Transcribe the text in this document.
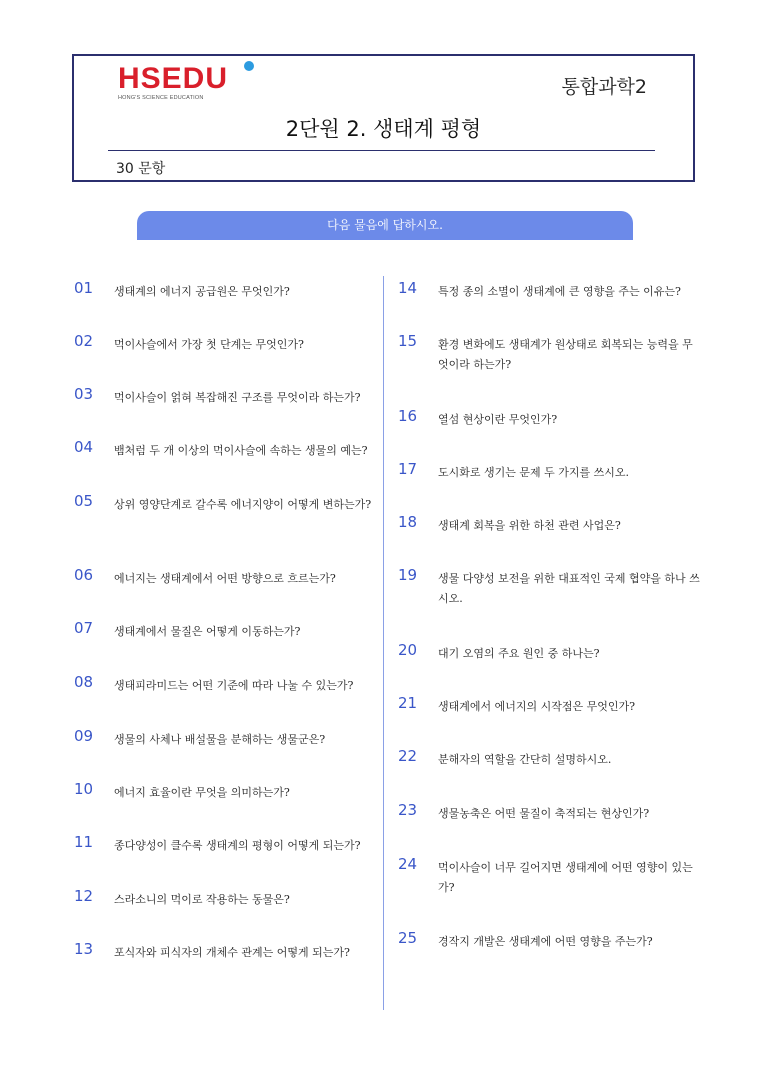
HSEDU
HONG'S SCIENCE EDUCATION	통합과학2
2단원 2. 생태계 평형
30 문항
다음 물음에 답하시오.
01 생태계의 에너지 공급원은 무엇인가?
02 먹이사슬에서 가장 첫 단계는 무엇인가?
03 먹이사슬이 얽혀 복잡해진 구조를 무엇이라 하는가?
04 뱀처럼 두 개 이상의 먹이사슬에 속하는 생물의 예는?
05 상위 영양단계로 갈수록 에너지양이 어떻게 변하는가?
06 에너지는 생태계에서 어떤 방향으로 흐르는가?
07 생태계에서 물질은 어떻게 이동하는가?
08 생태피라미드는 어떤 기준에 따라 나눌 수 있는가?
09 생물의 사체나 배설물을 분해하는 생물군은?
10 에너지 효율이란 무엇을 의미하는가?
11 종다양성이 클수록 생태계의 평형이 어떻게 되는가?
12 스라소니의 먹이로 작용하는 동물은?
13 포식자와 피식자의 개체수 관계는 어떻게 되는가?
14 특정 종의 소멸이 생태계에 큰 영향을 주는 이유는?
15 환경 변화에도 생태계가 원상태로 회복되는 능력을 무엇이라 하는가?
16 열섬 현상이란 무엇인가?
17 도시화로 생기는 문제 두 가지를 쓰시오.
18 생태계 회복을 위한 하천 관련 사업은?
19 생물 다양성 보전을 위한 대표적인 국제 협약을 하나 쓰시오.
20 대기 오염의 주요 원인 중 하나는?
21 생태계에서 에너지의 시작점은 무엇인가?
22 분해자의 역할을 간단히 설명하시오.
23 생물농축은 어떤 물질이 축적되는 현상인가?
24 먹이사슬이 너무 길어지면 생태계에 어떤 영향이 있는가?
25 경작지 개발은 생태계에 어떤 영향을 주는가?
